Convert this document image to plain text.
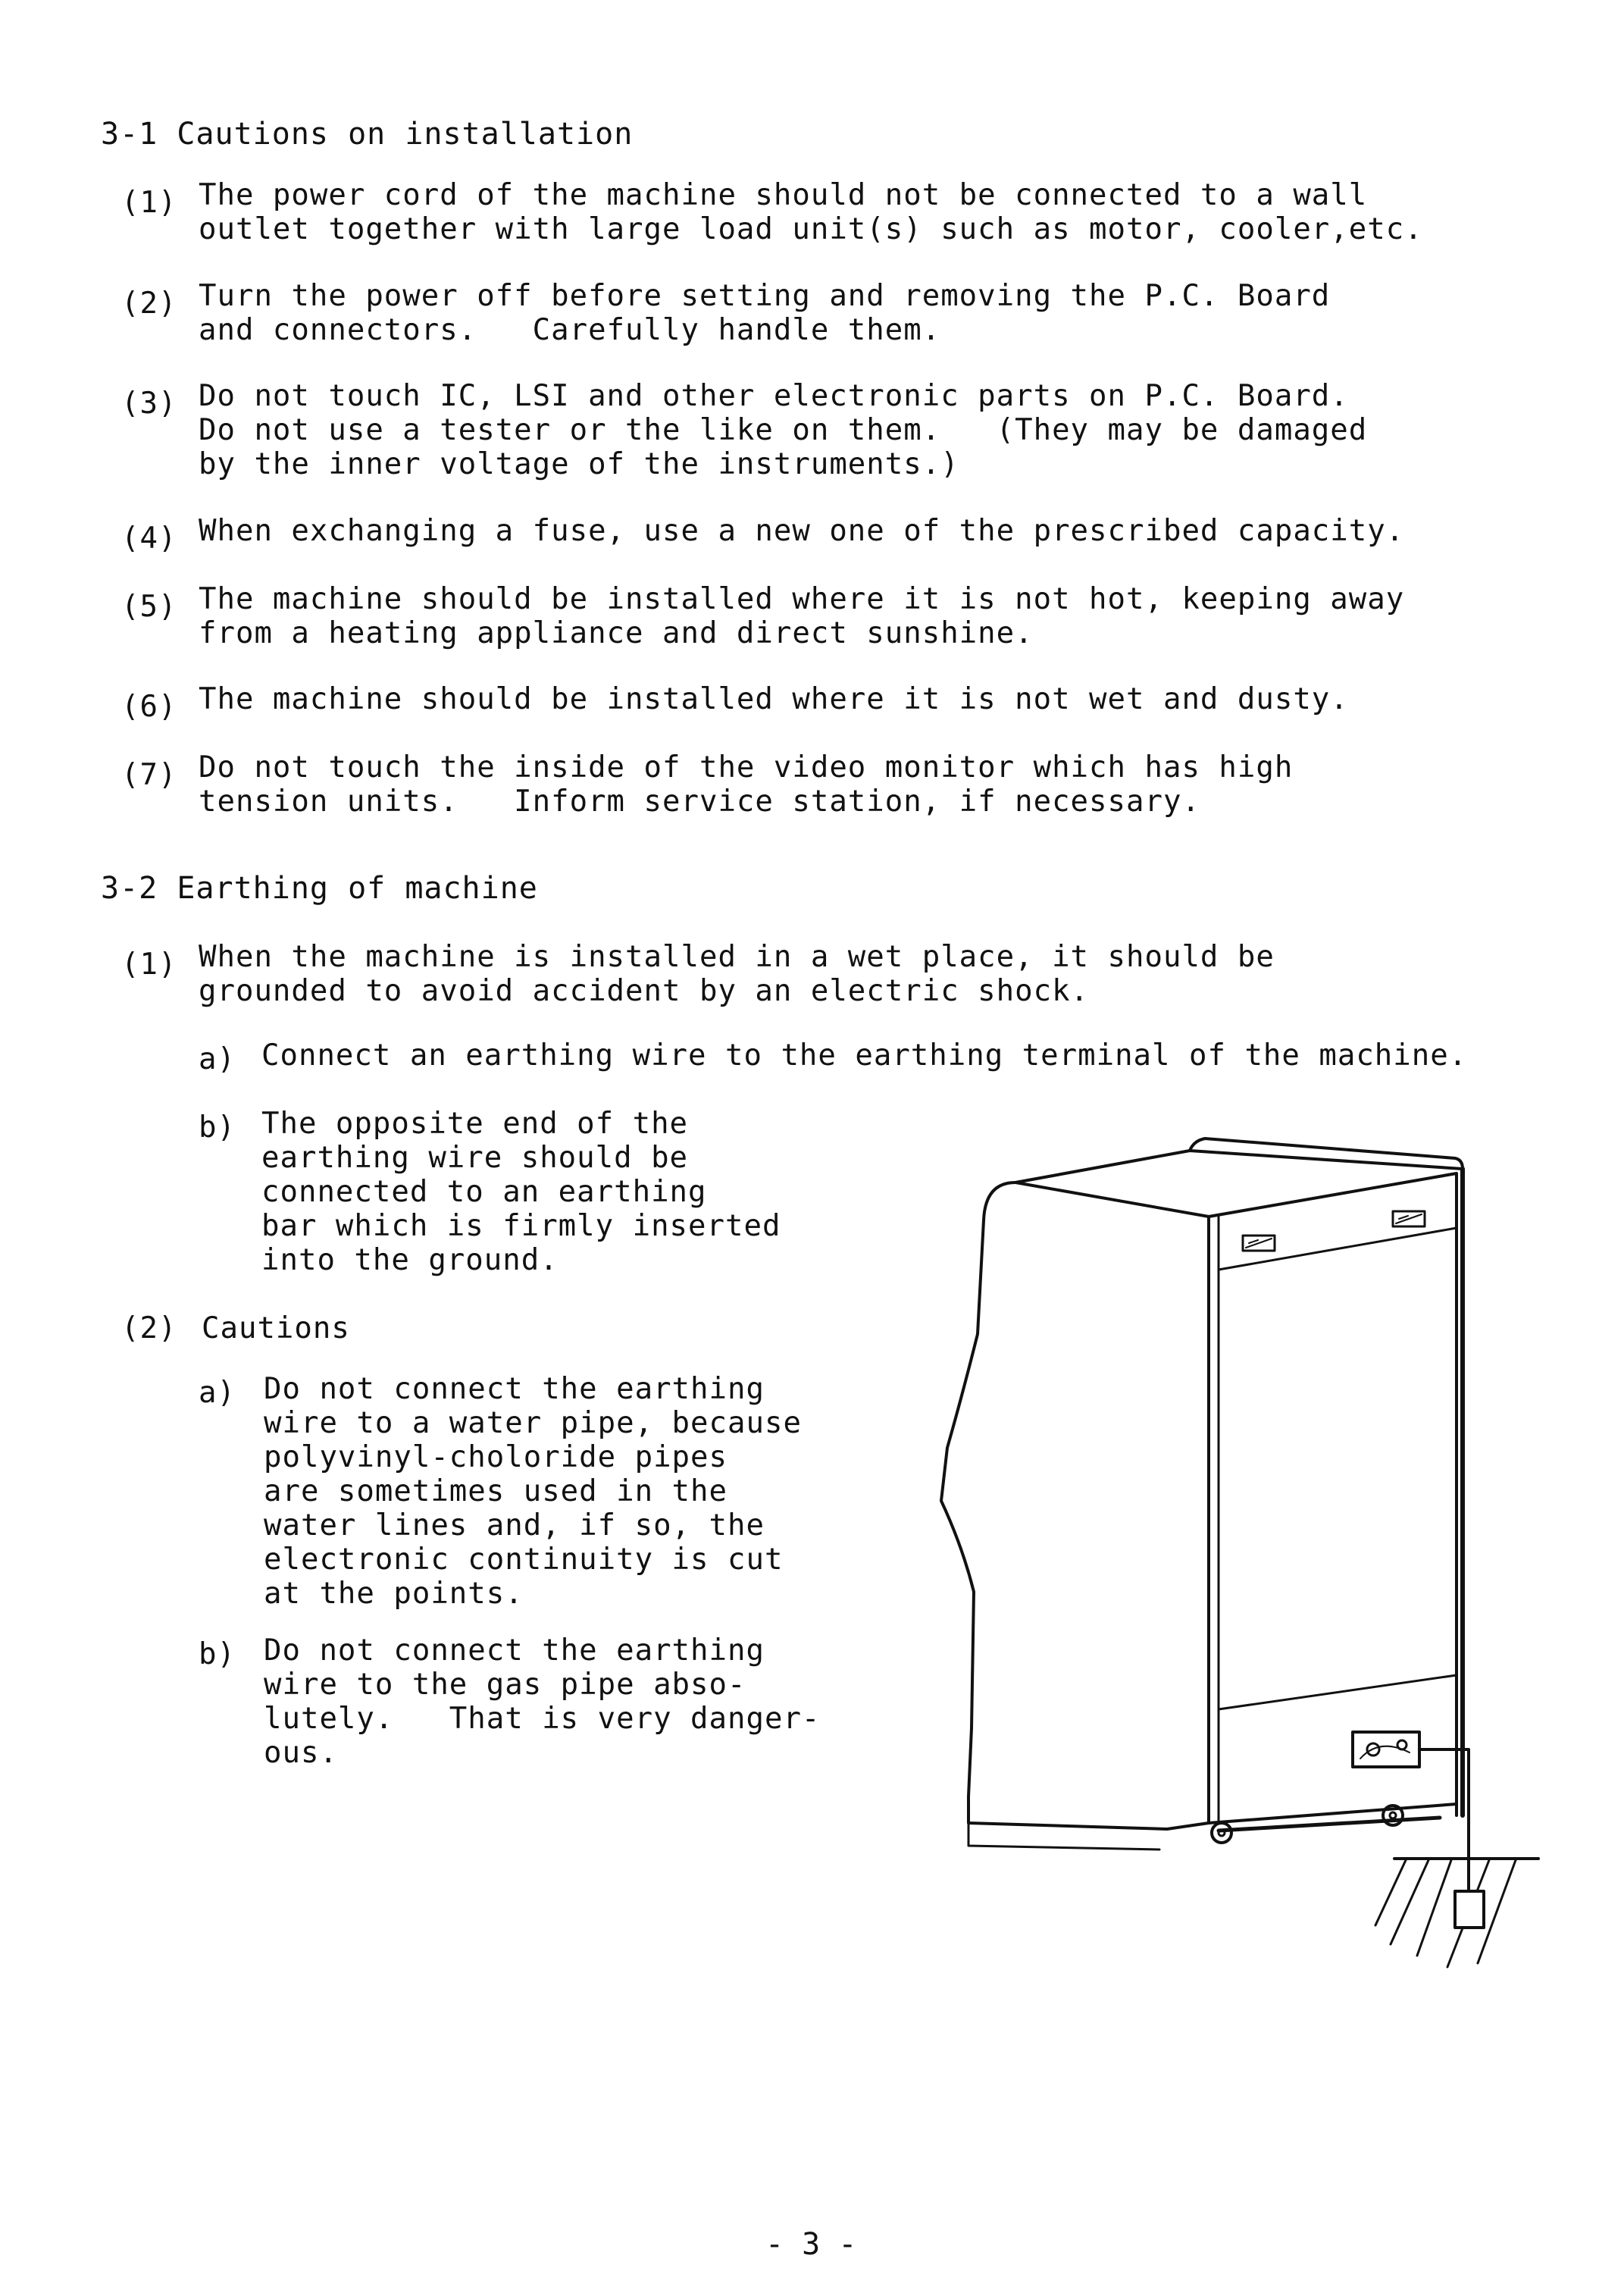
3-1 Cautions on installation
(1) The power cord of the machine should not be connected to a wall
outlet together with large load unit(s) such as motor, cooler,etc.
(2) Turn the power off before setting and removing the P.C. Board
and connectors.   Carefully handle them.
(3) Do not touch IC, LSI and other electronic parts on P.C. Board.
Do not use a tester or the like on them.   (They may be damaged
by the inner voltage of the instruments.)
(4) When exchanging a fuse, use a new one of the prescribed capacity.
(5) The machine should be installed where it is not hot, keeping away
from a heating appliance and direct sunshine.
(6) The machine should be installed where it is not wet and dusty.
(7) Do not touch the inside of the video monitor which has high
tension units.   Inform service station, if necessary.
3-2 Earthing of machine
(1) When the machine is installed in a wet place, it should be
grounded to avoid accident by an electric shock.
a) Connect an earthing wire to the earthing terminal of the machine.
b) The opposite end of the
earthing wire should be
connected to an earthing
bar which is firmly inserted
into the ground.
(2) Cautions
a) Do not connect the earthing
wire to a water pipe, because
polyvinyl-choloride pipes
are sometimes used in the
water lines and, if so, the
electronic continuity is cut
at the points.
b) Do not connect the earthing
wire to the gas pipe abso-
lutely.   That is very danger-
ous.
- 3 -
